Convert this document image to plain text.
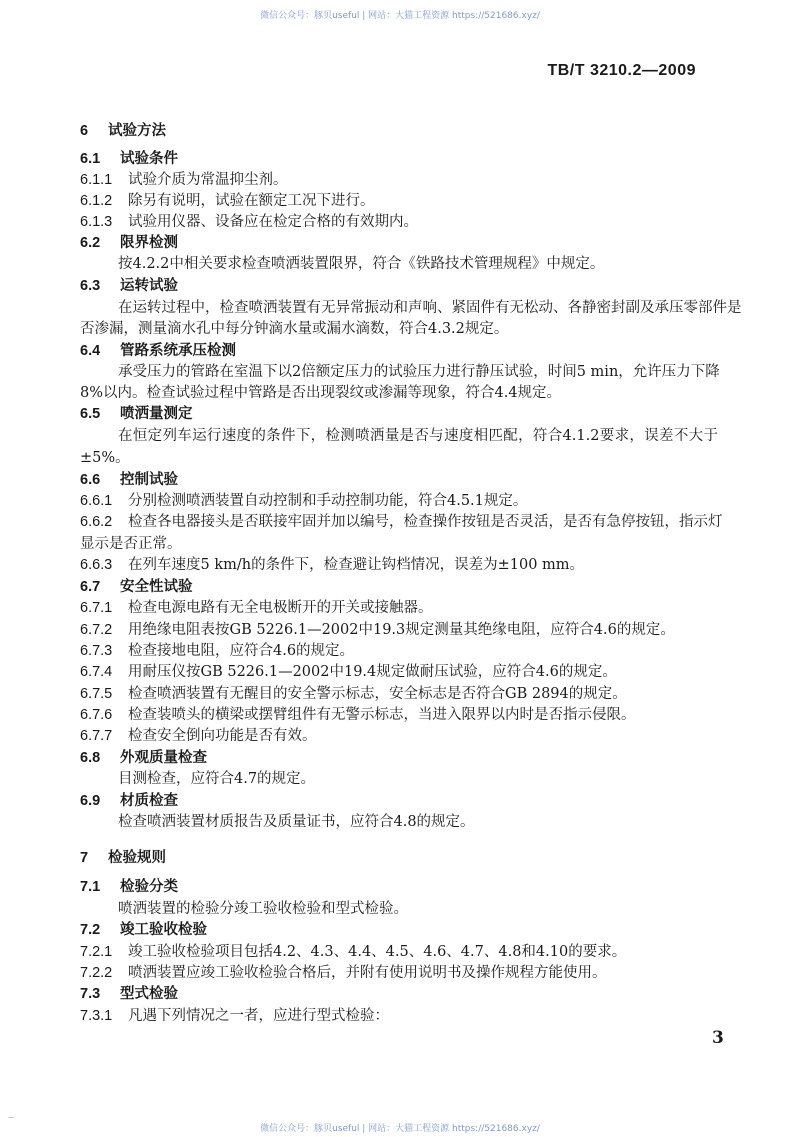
微信公众号：豚贝useful | 网站：大猫工程资源 https://521686.xyz/
TB/T 3210.2—2009
6 试验方法
6.1 试验条件
6.1.1 试验介质为常温抑尘剂。
6.1.2 除另有说明，试验在额定工况下进行。
6.1.3 试验用仪器、设备应在检定合格的有效期内。
6.2 限界检测
按4.2.2中相关要求检查喷洒装置限界，符合《铁路技术管理规程》中规定。
6.3 运转试验
在运转过程中，检查喷洒装置有无异常振动和声响、紧固件有无松动、各静密封副及承压零部件是
否渗漏，测量滴水孔中每分钟滴水量或漏水滴数，符合4.3.2规定。
6.4 管路系统承压检测
承受压力的管路在室温下以2倍额定压力的试验压力进行静压试验，时间5 min，允许压力下降
8%以内。检查试验过程中管路是否出现裂纹或渗漏等现象，符合4.4规定。
6.5 喷洒量测定
在恒定列车运行速度的条件下，检测喷洒量是否与速度相匹配，符合4.1.2要求，误差不大于
±5%。
6.6 控制试验
6.6.1 分别检测喷洒装置自动控制和手动控制功能，符合4.5.1规定。
6.6.2 检查各电器接头是否联接牢固并加以编号，检查操作按钮是否灵活，是否有急停按钮，指示灯
显示是否正常。
6.6.3 在列车速度5 km/h的条件下，检查避让钩档情况，误差为±100 mm。
6.7 安全性试验
6.7.1 检查电源电路有无全电极断开的开关或接触器。
6.7.2 用绝缘电阻表按GB 5226.1—2002中19.3规定测量其绝缘电阻，应符合4.6的规定。
6.7.3 检查接地电阻，应符合4.6的规定。
6.7.4 用耐压仪按GB 5226.1—2002中19.4规定做耐压试验，应符合4.6的规定。
6.7.5 检查喷洒装置有无醒目的安全警示标志，安全标志是否符合GB 2894的规定。
6.7.6 检查装喷头的横梁或摆臂组件有无警示标志，当进入限界以内时是否指示侵限。
6.7.7 检查安全倒向功能是否有效。
6.8 外观质量检查
目测检查，应符合4.7的规定。
6.9 材质检查
检查喷洒装置材质报告及质量证书，应符合4.8的规定。
7 检验规则
7.1 检验分类
喷洒装置的检验分竣工验收检验和型式检验。
7.2 竣工验收检验
7.2.1 竣工验收检验项目包括4.2、4.3、4.4、4.5、4.6、4.7、4.8和4.10的要求。
7.2.2 喷洒装置应竣工验收检验合格后，并附有使用说明书及操作规程方能使用。
7.3 型式检验
7.3.1 凡遇下列情况之一者，应进行型式检验：
3
—
微信公众号：豚贝useful | 网站：大猫工程资源 https://521686.xyz/
